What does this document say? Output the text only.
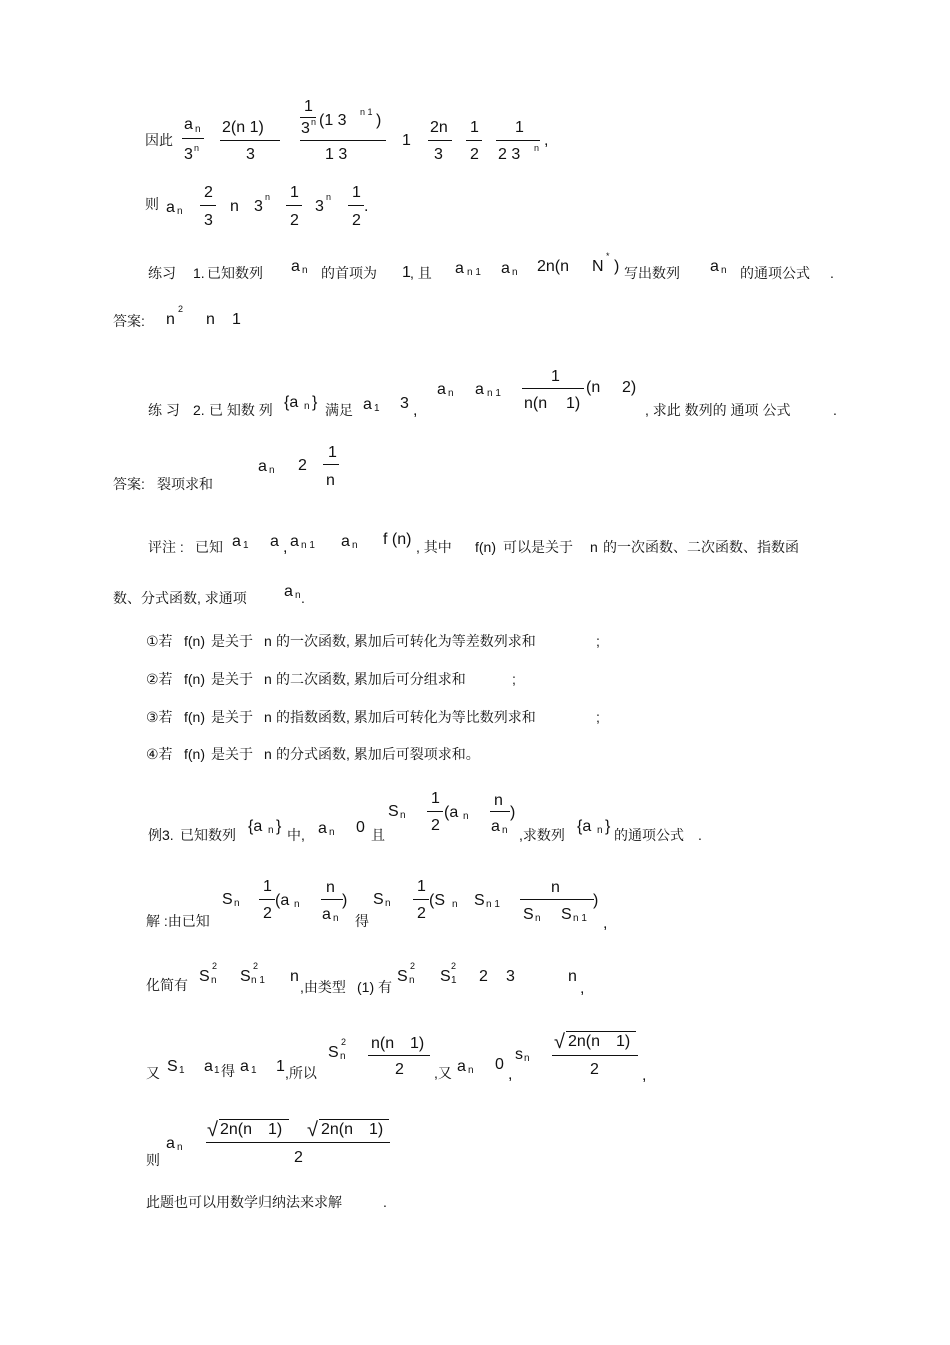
因此
a n
3 n
2(n 1)
3
1
3 n (1 3 n 1 )
1 3
1
2n
3
1
2
1
2 3 n ,
则 a n
2
3
n 3
n 1
2
3
n 1
2
.
练习 1. 已知数列 a n 的首项为 1 , 且 a n 1 a n 2n(n N
*
) 写出数列 a n 的通项公式 .
答案: n
2
n 1
练 习 2. 已 知数 列 {a n } 满足 a 1 3 ,
a n a n 1
1
n(n 1)
(n 2)
, 求此 数列的 通项 公式	.
答案: 裂项求和
a n 2
1
n
评注 : 已知 a 1 a , a n 1 a n f (n) , 其中 f(n) 可以是关于 n 的一次函数、二次函数、指数函
数、分式函数, 求通项 a n .
①若 f(n) 是关于 n 的一次函数, 累加后可转化为等差数列求和	;
②若 f(n) 是关于 n 的二次函数, 累加后可分组求和	;
③若 f(n) 是关于 n 的指数函数, 累加后可转化为等比数列求和	;
④若 f(n) 是关于 n 的分式函数, 累加后可裂项求和。
例 3. 已知数列 {a n } 中, a n 0 且
S n
1
2
(a n
n
a n
)
,求数列 {a n } 的通项公式 .
解 :由已知
S n
1
2
(a n
n
a n
)
得
S n
1
2
(S n S n 1
n
S n S n 1
)
,
化简有 S
2
n S
2
n 1 n
,由类型 (1) 有
S
2
n S
2
1 2 3	n
,
又 S 1 a 1 得 a 1 1 ,所以
S
2
n
n(n 1)
2 ,又 a n 0
,
s n
√ 2n(n 1)
2	,
则
a n
√ 2n(n 1) √ 2n(n 1)
2
此题也可以用数学归纳法来求解	.
